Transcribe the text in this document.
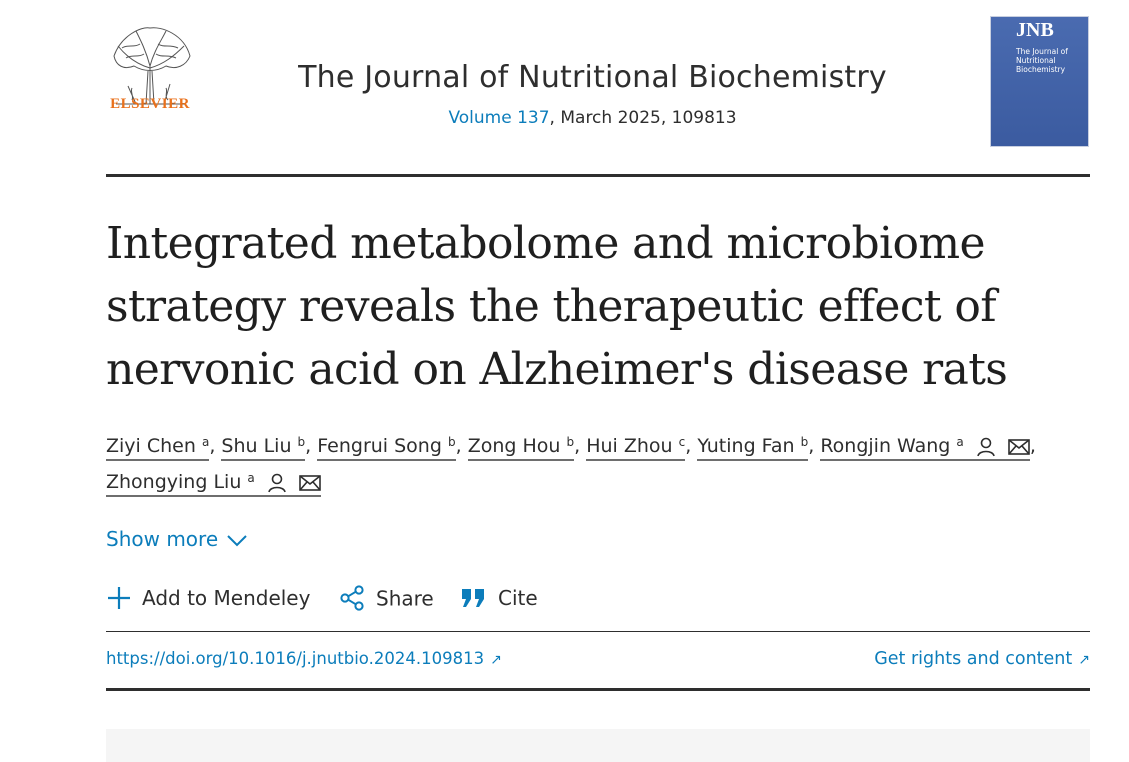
ELSEVIER
The Journal of Nutritional Biochemistry
Volume 137, March 2025, 109813
JNB
The Journal of Nutritional Biochemistry
Integrated metabolome and microbiome strategy reveals the therapeutic effect of nervonic acid on Alzheimer's disease rats
Ziyi Chen $^a$, Shu Liu $^b$, Fengrui Song $^b$, Zong Hou $^b$, Hui Zhou $^c$, Yuting Fan $^b$, Rongjin Wang $^a$	,
Zhongying Liu $^a$
Show more
Add to Mendeley	Share	Cite
https://doi.org/10.1016/j.jnutbio.2024.109813 ↗	Get rights and content ↗
